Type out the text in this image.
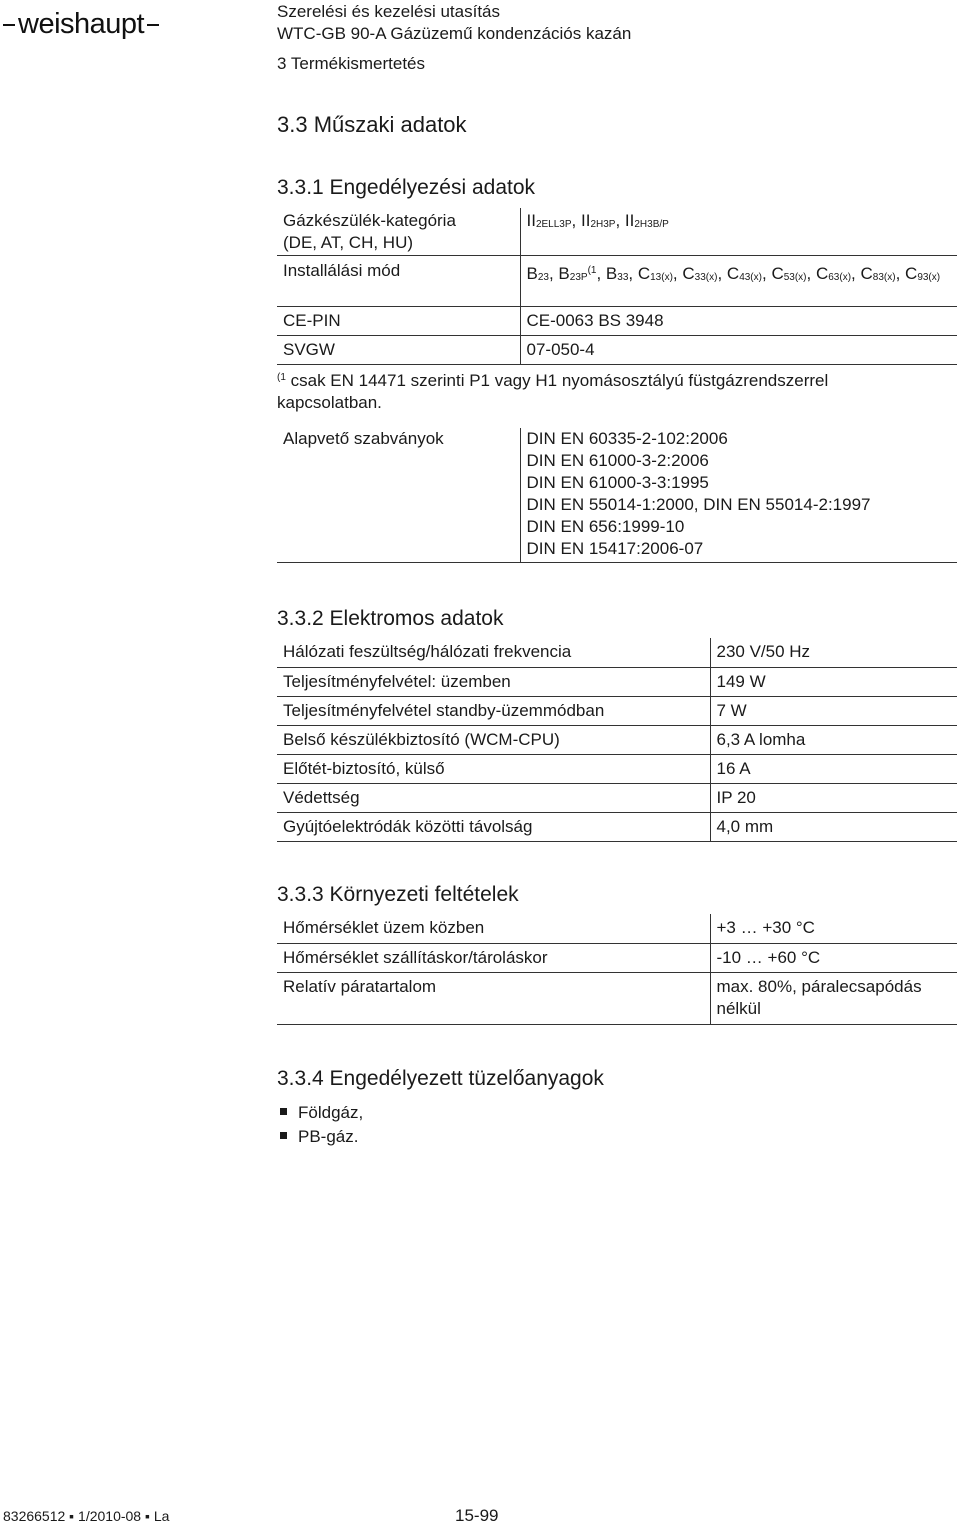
weishaupt	Szerelési és kezelési utasítás
WTC-GB 90-A Gázüzemű kondenzációs kazán
3 Termékismertetés
3.3 Műszaki adatok
3.3.1 Engedélyezési adatok
Gázkészülék-kategória
(DE, AT, CH, HU)	$II_{2ELL3P}$, $II_{2H3P}$, $II_{2H3B/P}$
Installálási mód	$B_{23}$, $B_{23P}^{(1}$, $B_{33}$, $C_{13(x)}$, $C_{33(x)}$, $C_{43(x)}$, $C_{53(x)}$, $C_{63(x)}$, $C_{83(x)}$, $C_{93(x)}$
CE-PIN	CE-0063 BS 3948
SVGW	07-050-4
$^{(1}$ csak EN 14471 szerinti P1 vagy H1 nyomásosztályú füstgázrendszerrel kapcsolatban.
Alapvető szabványok	DIN EN 60335-2-102:2006
DIN EN 61000-3-2:2006
DIN EN 61000-3-3:1995
DIN EN 55014-1:2000, DIN EN 55014-2:1997
DIN EN 656:1999-10
DIN EN 15417:2006-07
3.3.2 Elektromos adatok
Hálózati feszültség/hálózati frekvencia	230 V/50 Hz
Teljesítményfelvétel: üzemben	149 W
Teljesítményfelvétel standby-üzemmódban	7 W
Belső készülékbiztosító (WCM-CPU)	6,3 A lomha
Előtét-biztosító, külső	16 A
Védettség	IP 20
Gyújtóelektródák közötti távolság	4,0 mm
3.3.3 Környezeti feltételek
Hőmérséklet üzem közben	+3 … +30 °C
Hőmérséklet szállításkor/tároláskor	-10 … +60 °C
Relatív páratartalom	max. 80%, páralecsapódás
nélkül
3.3.4 Engedélyezett tüzelőanyagok
Földgáz,
PB-gáz.
83266512 ▪ 1/2010-08 ▪ La	15-99
